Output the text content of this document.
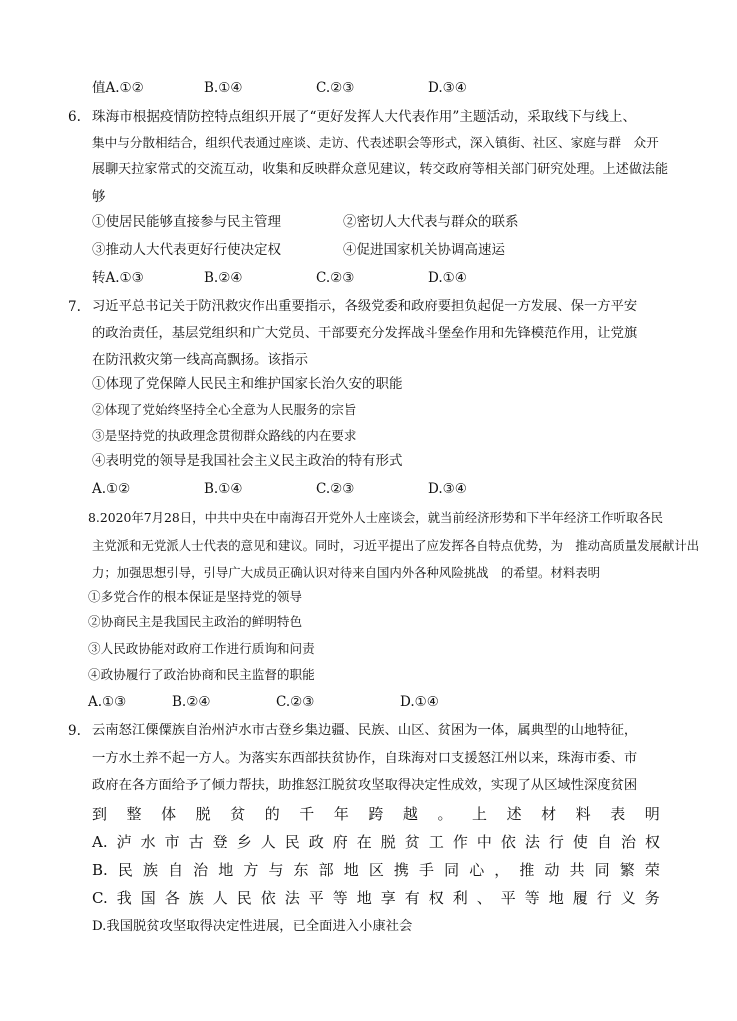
值A.①②	B.①④	C.②③	D.③④
6. 珠海市根据疫情防控特点组织开展了“更好发挥人大代表作用”主题活动，采取线下与线上、
集中与分散相结合，组织代表通过座谈、走访、代表述职会等形式，深入镇街、社区、家庭与群　众开
展聊天拉家常式的交流互动，收集和反映群众意见建议，转交政府等相关部门研究处理。上述做法能
够
①使居民能够直接参与民主管理	②密切人大代表与群众的联系
③推动人大代表更好行使决定权	④促进国家机关协调高速运
转A.①③	B.②④	C.②③	D.①④
7. 习近平总书记关于防汛救灾作出重要指示，各级党委和政府要担负起促一方发展、保一方平安
的政治责任，基层党组织和广大党员、干部要充分发挥战斗堡垒作用和先锋模范作用，让党旗
在防汛救灾第一线高高飘扬。该指示
①体现了党保障人民民主和维护国家长治久安的职能
②体现了党始终坚持全心全意为人民服务的宗旨
③是坚持党的执政理念贯彻群众路线的内在要求
④表明党的领导是我国社会主义民主政治的特有形式
A.①②	B.①④	C.②③	D.③④
8.2020年7月28日，中共中央在中南海召开党外人士座谈会，就当前经济形势和下半年经济工作听取各民
主党派和无党派人士代表的意见和建议。同时，习近平提出了应发挥各自特点优势，为　推动高质量发展献计出
力；加强思想引导，引导广大成员正确认识对待来自国内外各种风险挑战　的希望。材料表明
①多党合作的根本保证是坚持党的领导
②协商民主是我国民主政治的鲜明特色
③人民政协能对政府工作进行质询和问责
④政协履行了政治协商和民主监督的职能
A.①③	B.②④	C.②③	D.①④
9. 云南怒江傈僳族自治州泸水市古登乡集边疆、民族、山区、贫困为一体，属典型的山地特征，
一方水土养不起一方人。为落实东西部扶贫协作，自珠海对口支援怒江州以来，珠海市委、市
政府在各方面给予了倾力帮扶，助推怒江脱贫攻坚取得决定性成效，实现了从区域性深度贫困
到 整 体 脱 贫 的 千 年 跨 越 。 上 述 材 料 表 明
A. 泸 水 市 古 登 乡 人 民 政 府 在 脱 贫 工 作 中 依 法 行 使 自 治 权
B. 民 族 自 治 地 方 与 东 部 地 区 携 手 同 心 ， 推 动 共 同 繁 荣
C. 我 国 各 族 人 民 依 法 平 等 地 享 有 权 利 、 平 等 地 履 行 义 务
D.我国脱贫攻坚取得决定性进展，已全面进入小康社会
